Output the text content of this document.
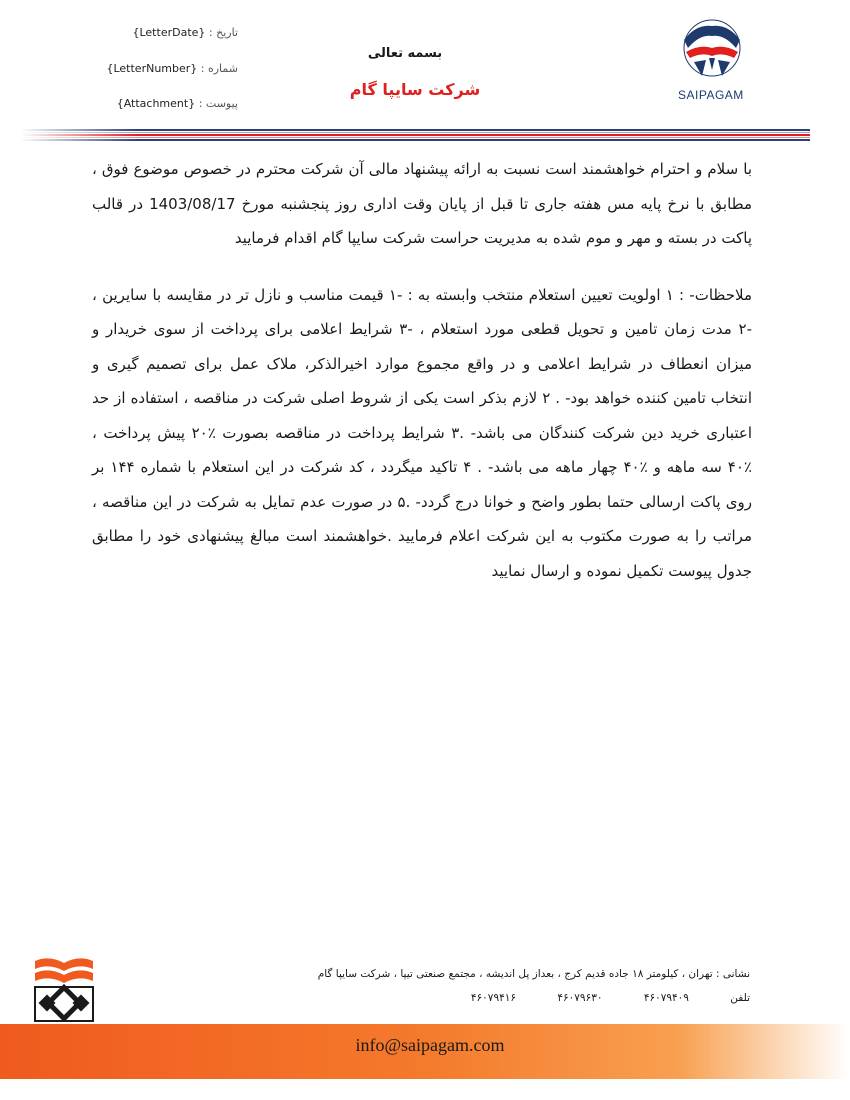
تاریخ : {LetterDate}
شماره : {LetterNumber}
پیوست : {Attachment}
بسمه تعالی
شرکت سایپا گام	SAIPAGAM

با سلام و احترام خواهشمند است نسبت به ارائه پیشنهاد مالی آن شرکت محترم در خصوص موضوع فوق ، مطابق با نرخ پایه مس هفته جاری تا قبل از پایان وقت اداری روز پنجشنبه مورخ 1403/08/17 در قالب پاکت در بسته و مهر و موم شده به مدیریت حراست شرکت سایپا گام اقدام فرمایید

ملاحظات- : ۱ اولویت تعیین استعلام منتخب وابسته به : -۱ قیمت مناسب و نازل تر در مقایسه با سایرین ، -۲ مدت زمان تامین و تحویل قطعی مورد استعلام ، -۳ شرایط اعلامی برای پرداخت از سوی خریدار و میزان انعطاف در شرایط اعلامی و در واقع مجموع موارد اخیرالذکر، ملاک عمل برای تصمیم گیری و انتخاب تامین کننده خواهد بود- . ۲ لازم بذکر است یکی از شروط اصلی شرکت در مناقصه ، استفاده از حد اعتباری خرید دین شرکت کنندگان می باشد- .۳ شرایط پرداخت در مناقصه بصورت ٪۲۰ پیش پرداخت ، ٪۴۰ سه ماهه و ٪۴۰ چهار ماهه می باشد- . ۴ تاکید میگردد ، کد شرکت در این استعلام با شماره ۱۴۴ بر روی پاکت ارسالی حتما بطور واضح و خوانا درج گردد- .۵ در صورت عدم تمایل به شرکت در این مناقصه ، مراتب را به صورت مکتوب به این شرکت اعلام فرمایید .خواهشمند است مبالغ پیشنهادی خود را مطابق جدول پیوست تکمیل نموده و ارسال نمایید

نشانی : تهران ، کیلومتر ۱۸ جاده قدیم کرج ، بعداز پل اندیشه ، مجتمع صنعتی تیپا ، شرکت سایپا گام
تلفن ۴۶۰۷۹۴۰۹ ۴۶۰۷۹۶۳۰ ۴۶۰۷۹۴۱۶
info@saipagam.com
